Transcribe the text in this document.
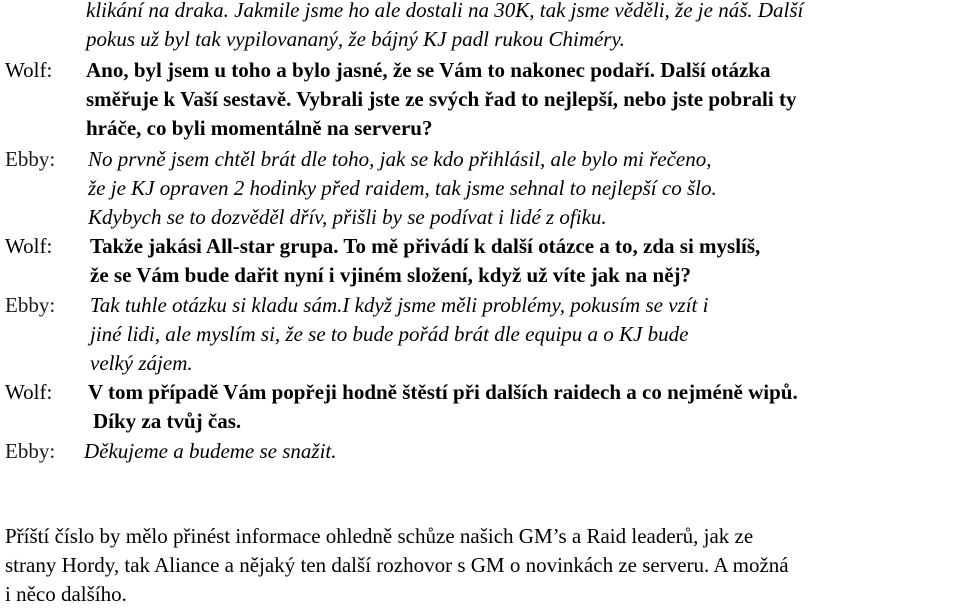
klikání na draka. Jakmile jsme ho ale dostali na 30K, tak jsme věděli, že je náš. Další
pokus už byl tak vypilovananý, že bájný KJ padl rukou Chiméry.
Wolf: Ano, byl jsem u toho a bylo jasné, že se Vám to nakonec podaří. Další otázka
směřuje k Vaší sestavě. Vybrali jste ze svých řad to nejlepší, nebo jste pobrali ty
hráče, co byli momentálně na serveru?
Ebby: No prvně jsem chtěl brát dle toho, jak se kdo přihlásil, ale bylo mi řečeno,
že je KJ opraven 2 hodinky před raidem, tak jsme sehnal to nejlepší co šlo.
Kdybych se to dozvěděl dřív, přišli by se podívat i lidé z ofiku.
Wolf: Takže jakási All-star grupa. To mě přivádí k další otázce a to, zda si myslíš,
že se Vám bude dařit nyní i vjiném složení, když už víte jak na něj?
Ebby: Tak tuhle otázku si kladu sám.I když jsme měli problémy, pokusím se vzít i
jiné lidi, ale myslím si, že se to bude pořád brát dle equipu a o KJ bude
velký zájem.
Wolf: V tom případě Vám popřeji hodně štěstí při dalších raidech a co nejméně wipů.
Díky za tvůj čas.
Ebby: Děkujeme a budeme se snažit.
Příští číslo by mělo přinést informace ohledně schůze našich GM’s a Raid leaderů, jak ze
strany Hordy, tak Aliance a nějaký ten další rozhovor s GM o novinkách ze serveru. A možná
i něco dalšího.
